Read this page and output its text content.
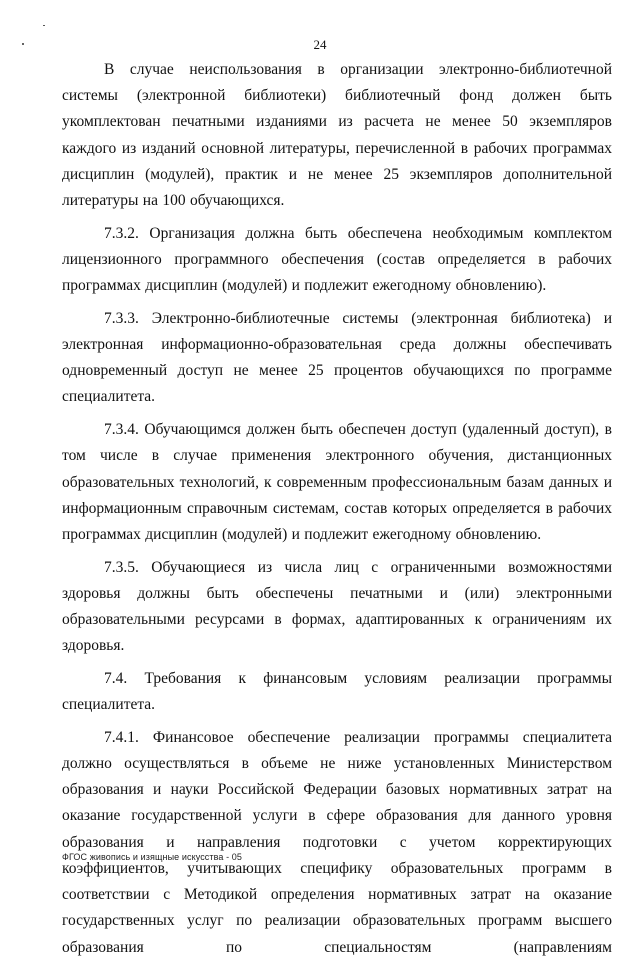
24

В случае неиспользования в организации электронно-библиотечной системы (электронной библиотеки) библиотечный фонд должен быть укомплектован печатными изданиями из расчета не менее 50 экземпляров каждого из изданий основной литературы, перечисленной в рабочих программах дисциплин (модулей), практик и не менее 25 экземпляров дополнительной литературы на 100 обучающихся.

7.3.2. Организация должна быть обеспечена необходимым комплектом лицензионного программного обеспечения (состав определяется в рабочих программах дисциплин (модулей) и подлежит ежегодному обновлению).

7.3.3. Электронно-библиотечные системы (электронная библиотека) и электронная информационно-образовательная среда должны обеспечивать одновременный доступ не менее 25 процентов обучающихся по программе специалитета.

7.3.4. Обучающимся должен быть обеспечен доступ (удаленный доступ), в том числе в случае применения электронного обучения, дистанционных образовательных технологий, к современным профессиональным базам данных и информационным справочным системам, состав которых определяется в рабочих программах дисциплин (модулей) и подлежит ежегодному обновлению.

7.3.5. Обучающиеся из числа лиц с ограниченными возможностями здоровья должны быть обеспечены печатными и (или) электронными образовательными ресурсами в формах, адаптированных к ограничениям их здоровья.

7.4. Требования к финансовым условиям реализации программы специалитета.

7.4.1. Финансовое обеспечение реализации программы специалитета должно осуществляться в объеме не ниже установленных Министерством образования и науки Российской Федерации базовых нормативных затрат на оказание государственной услуги в сфере образования для данного уровня образования и направления подготовки с учетом корректирующих коэффициентов, учитывающих специфику образовательных программ в соответствии с Методикой определения нормативных затрат на оказание государственных услуг по реализации образовательных программ высшего образования по специальностям (направлениям

ФГОС живопись и изящные искусства - 05
